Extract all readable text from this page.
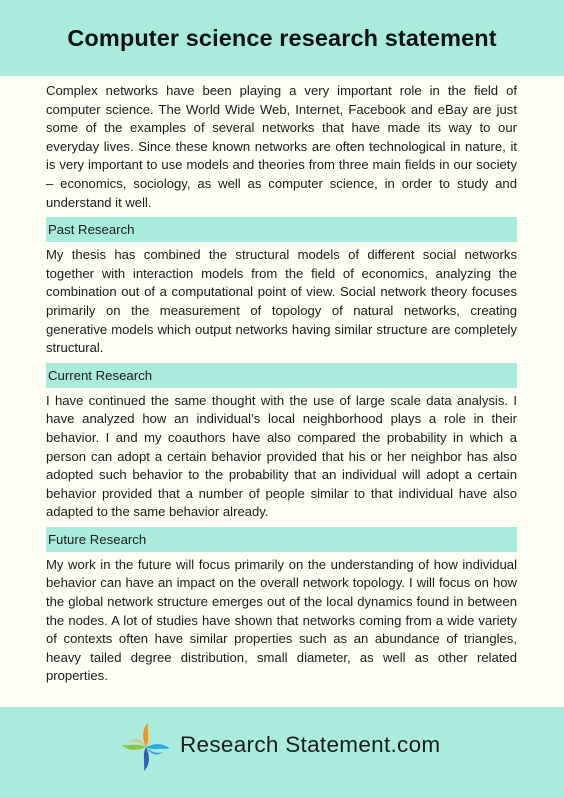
Computer science research statement

Complex networks have been playing a very important role in the field of computer science. The World Wide Web, Internet, Facebook and eBay are just some of the examples of several networks that have made its way to our everyday lives. Since these known networks are often technological in nature, it is very important to use models and theories from three main fields in our society – economics, sociology, as well as computer science, in order to study and understand it well.

Past Research

My thesis has combined the structural models of different social networks together with interaction models from the field of economics, analyzing the combination out of a computational point of view. Social network theory focuses primarily on the measurement of topology of natural networks, creating generative models which output networks having similar structure are completely structural.

Current Research

I have continued the same thought with the use of large scale data analysis. I have analyzed how an individual’s local neighborhood plays a role in their behavior. I and my coauthors have also compared the probability in which a person can adopt a certain behavior provided that his or her neighbor has also adopted such behavior to the probability that an individual will adopt a certain behavior provided that a number of people similar to that individual have also adapted to the same behavior already.

Future Research

My work in the future will focus primarily on the understanding of how individual behavior can have an impact on the overall network topology. I will focus on how the global network structure emerges out of the local dynamics found in between the nodes. A lot of studies have shown that networks coming from a wide variety of contexts often have similar properties such as an abundance of triangles, heavy tailed degree distribution, small diameter, as well as other related properties.

Research Statement.com
